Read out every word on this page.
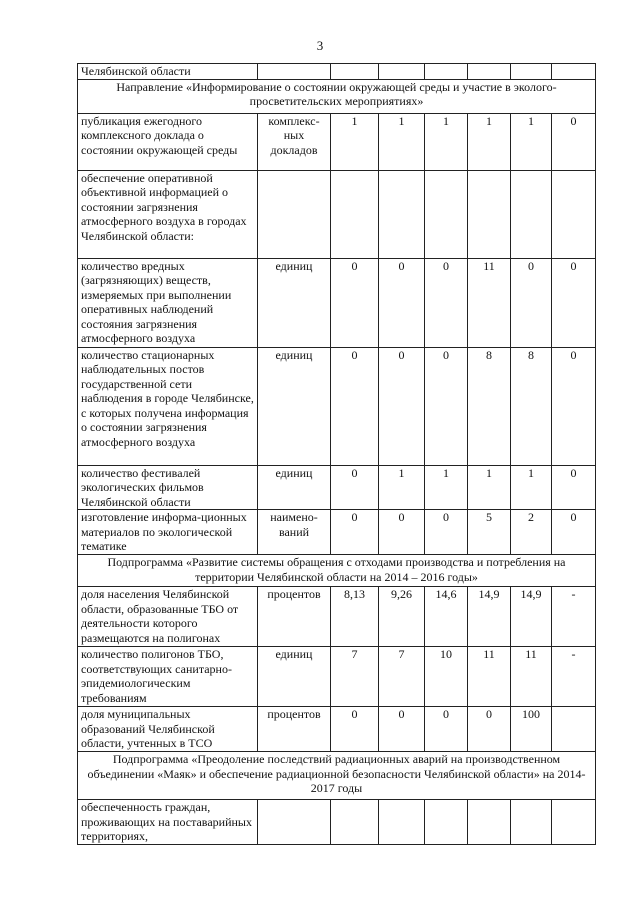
3
Челябинской области							
Направление «Информирование о состоянии окружающей среды и участие в эколого-просветительских мероприятиях»							
публикация ежегодного комплексного доклада о состоянии окружающей среды	комплекс-ных докладов	1	1	1	1	1	0
обеспечение оперативной объективной информацией о состоянии загрязнения атмосферного воздуха в городах Челябинской области:							
количество вредных (загрязняющих) веществ, измеряемых при выполнении оперативных наблюдений состояния загрязнения атмосферного воздуха	единиц	0	0	0	11	0	0
количество стационарных наблюдательных постов государственной сети наблюдения в городе Челябинске, с которых получена информация о состоянии загрязнения атмосферного воздуха	единиц	0	0	0	8	8	0
количество фестивалей экологических фильмов Челябинской области	единиц	0	1	1	1	1	0
изготовление информа-ционных материалов по экологической тематике	наимено-ваний	0	0	0	5	2	0
Подпрограмма «Развитие системы обращения с отходами производства и потребления на территории Челябинской области на 2014 – 2016 годы»							
доля населения Челябинской области, образованные ТБО от деятельности которого размещаются на полигонах	процентов	8,13	9,26	14,6	14,9	14,9	-
количество полигонов ТБО, соответствующих санитарно-эпидемиологическим требованиям	единиц	7	7	10	11	11	-
доля муниципальных образований Челябинской области, учтенных в ТСО	процентов	0	0	0	0	100	
Подпрограмма «Преодоление последствий радиационных аварий на производственном объединении «Маяк» и обеспечение радиационной безопасности Челябинской области» на 2014-2017 годы							
обеспеченность граждан, проживающих на поставарийных территориях,							
